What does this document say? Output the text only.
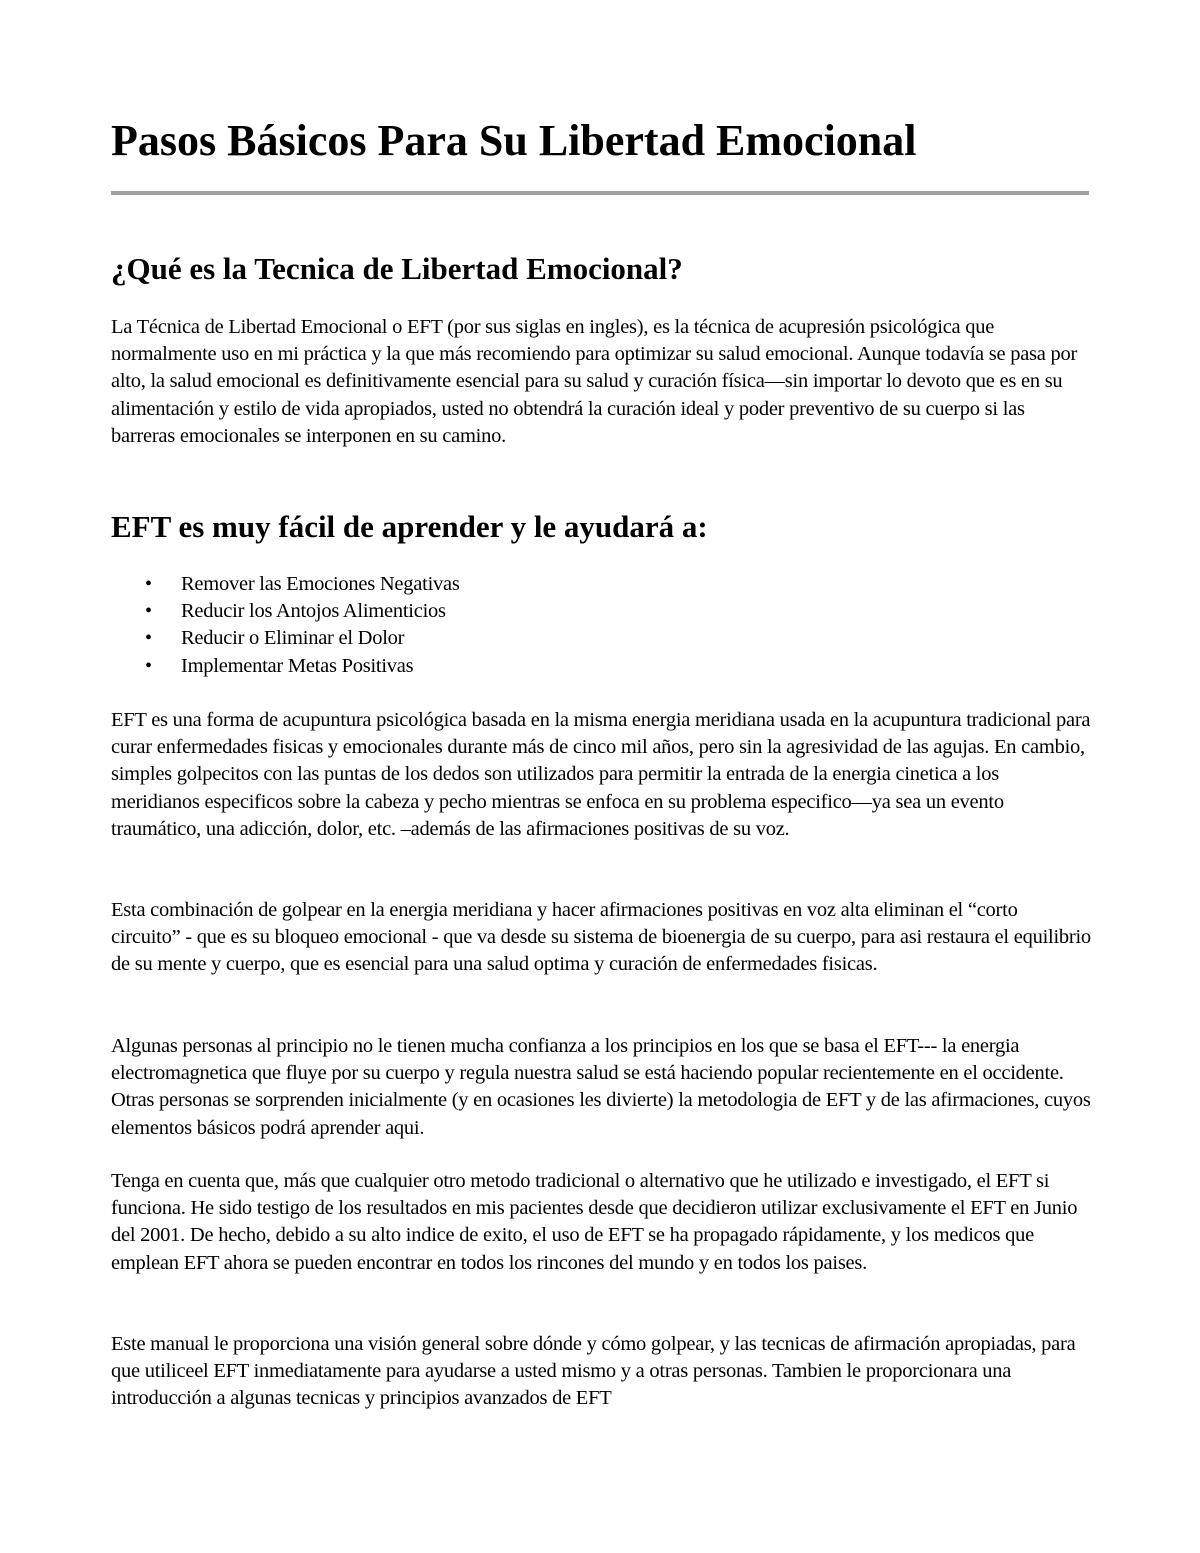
Pasos Básicos Para Su Libertad Emocional
¿Qué es la Tecnica de Libertad Emocional?

La Técnica de Libertad Emocional o EFT (por sus siglas en ingles), es la técnica de acupresión psicológica que normalmente uso en mi práctica y la que más recomiendo para optimizar su salud emocional. Aunque todavía se pasa por alto, la salud emocional es definitivamente esencial para su salud y curación física—sin importar lo devoto que es en su alimentación y estilo de vida apropiados, usted no obtendrá la curación ideal y poder preventivo de su cuerpo si las barreras emocionales se interponen en su camino.

EFT es muy fácil de aprender y le ayudará a:
• Remover las Emociones Negativas
• Reducir los Antojos Alimenticios
• Reducir o Eliminar el Dolor
• Implementar Metas Positivas

EFT es una forma de acupuntura psicológica basada en la misma energia meridiana usada en la acupuntura tradicional para curar enfermedades fisicas y emocionales durante más de cinco mil años, pero sin la agresividad de las agujas. En cambio, simples golpecitos con las puntas de los dedos son utilizados para permitir la entrada de la energia cinetica a los meridianos especificos sobre la cabeza y pecho mientras se enfoca en su problema especifico—ya sea un evento traumático, una adicción, dolor, etc. –además de las afirmaciones positivas de su voz.

Esta combinación de golpear en la energia meridiana y hacer afirmaciones positivas en voz alta eliminan el “corto circuito” - que es su bloqueo emocional - que va desde su sistema de bioenergia de su cuerpo, para asi restaura el equilibrio de su mente y cuerpo, que es esencial para una salud optima y curación de enfermedades fisicas.

Algunas personas al principio no le tienen mucha confianza a los principios en los que se basa el EFT--- la energia electromagnetica que fluye por su cuerpo y regula nuestra salud se está haciendo popular recientemente en el occidente. Otras personas se sorprenden inicialmente (y en ocasiones les divierte) la metodologia de EFT y de las afirmaciones, cuyos elementos básicos podrá aprender aqui.

Tenga en cuenta que, más que cualquier otro metodo tradicional o alternativo que he utilizado e investigado, el EFT si funciona. He sido testigo de los resultados en mis pacientes desde que decidieron utilizar exclusivamente el EFT en Junio del 2001. De hecho, debido a su alto indice de exito, el uso de EFT se ha propagado rápidamente, y los medicos que emplean EFT ahora se pueden encontrar en todos los rincones del mundo y en todos los paises.

Este manual le proporciona una visión general sobre dónde y cómo golpear, y las tecnicas de afirmación apropiadas, para que utiliceel EFT inmediatamente para ayudarse a usted mismo y a otras personas. Tambien le proporcionara una introducción a algunas tecnicas y principios avanzados de EFT
